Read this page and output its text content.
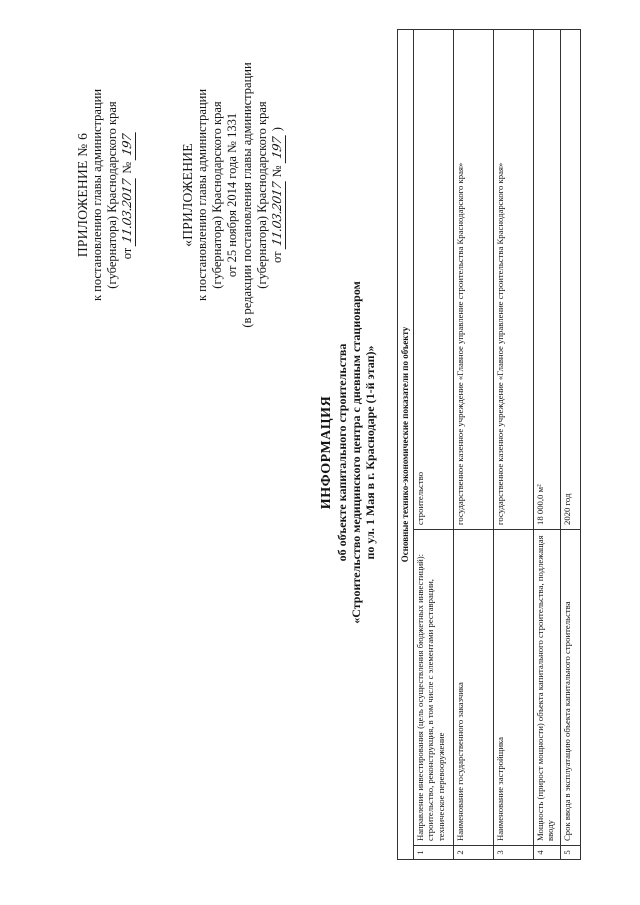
ПРИЛОЖЕНИЕ № 6 к постановлению главы администрации (губернатора) Краснодарского края от 11.03.2017 № 197	«ПРИЛОЖЕНИЕ к постановлению главы администрации (губернатора) Краснодарского края от 25 ноября 2014 года № 1331 (в редакции постановления главы администрации (губернатора) Краснодарского края от 11.03.2017 № 197 )
ИНФОРМАЦИЯ об объекте капитального строительства «Строительство медицинского центра с дневным стационаром по ул. 1 Мая в г. Краснодаре (1-й этап)»	Основные технико-экономические показатели по объекту		
1	Направление инвестирования (цель осуществления бюджетных инвестиций): строительство, реконструкция, в том числе с элементами реставрации, техническое перевооружение	строительство
2	Наименование государственного заказчика	государственное казенное учреждение «Главное управление строительства Краснодарского края»
3	Наименование застройщика	государственное казенное учреждение «Главное управление строительства Краснодарского края»
4	Мощность (прирост мощности) объекта капитального строительства, подлежащая вводу	18 000,0 м²
5	Срок ввода в эксплуатацию объекта капитального строительства	2020 год
